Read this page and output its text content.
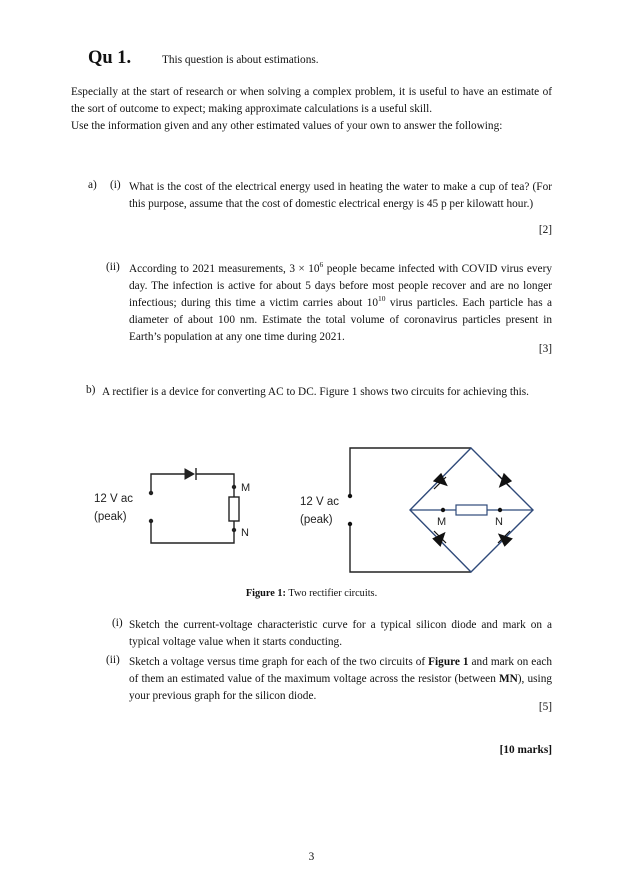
Qu 1.	This question is about estimations.
Especially at the start of research or when solving a complex problem, it is useful to have an estimate of the sort of outcome to expect; making approximate calculations is a useful skill.
Use the information given and any other estimated values of your own to answer the following:
a) (i) What is the cost of the electrical energy used in heating the water to make a cup of tea? (For this purpose, assume that the cost of domestic electrical energy is 45 p per kilowatt hour.)
[2]
(ii) According to 2021 measurements, $3 \times 10^6$ people became infected with COVID virus every day. The infection is active for about 5 days before most people recover and are no longer infectious; during this time a victim carries about $10^{10}$ virus particles. Each particle has a diameter of about 100 nm. Estimate the total volume of coronavirus particles present in Earth’s population at any one time during 2021.
[3]
b) A rectifier is a device for converting AC to DC. Figure 1 shows two circuits for achieving this.
12 V ac
(peak)
M
N
12 V ac
(peak)	M	N
Figure 1: Two rectifier circuits.
(i) Sketch the current-voltage characteristic curve for a typical silicon diode and mark on a typical voltage value when it starts conducting.
(ii) Sketch a voltage versus time graph for each of the two circuits of Figure 1 and mark on each of them an estimated value of the maximum voltage across the resistor (between MN), using your previous graph for the silicon diode.
[5]
[10 marks]
3
